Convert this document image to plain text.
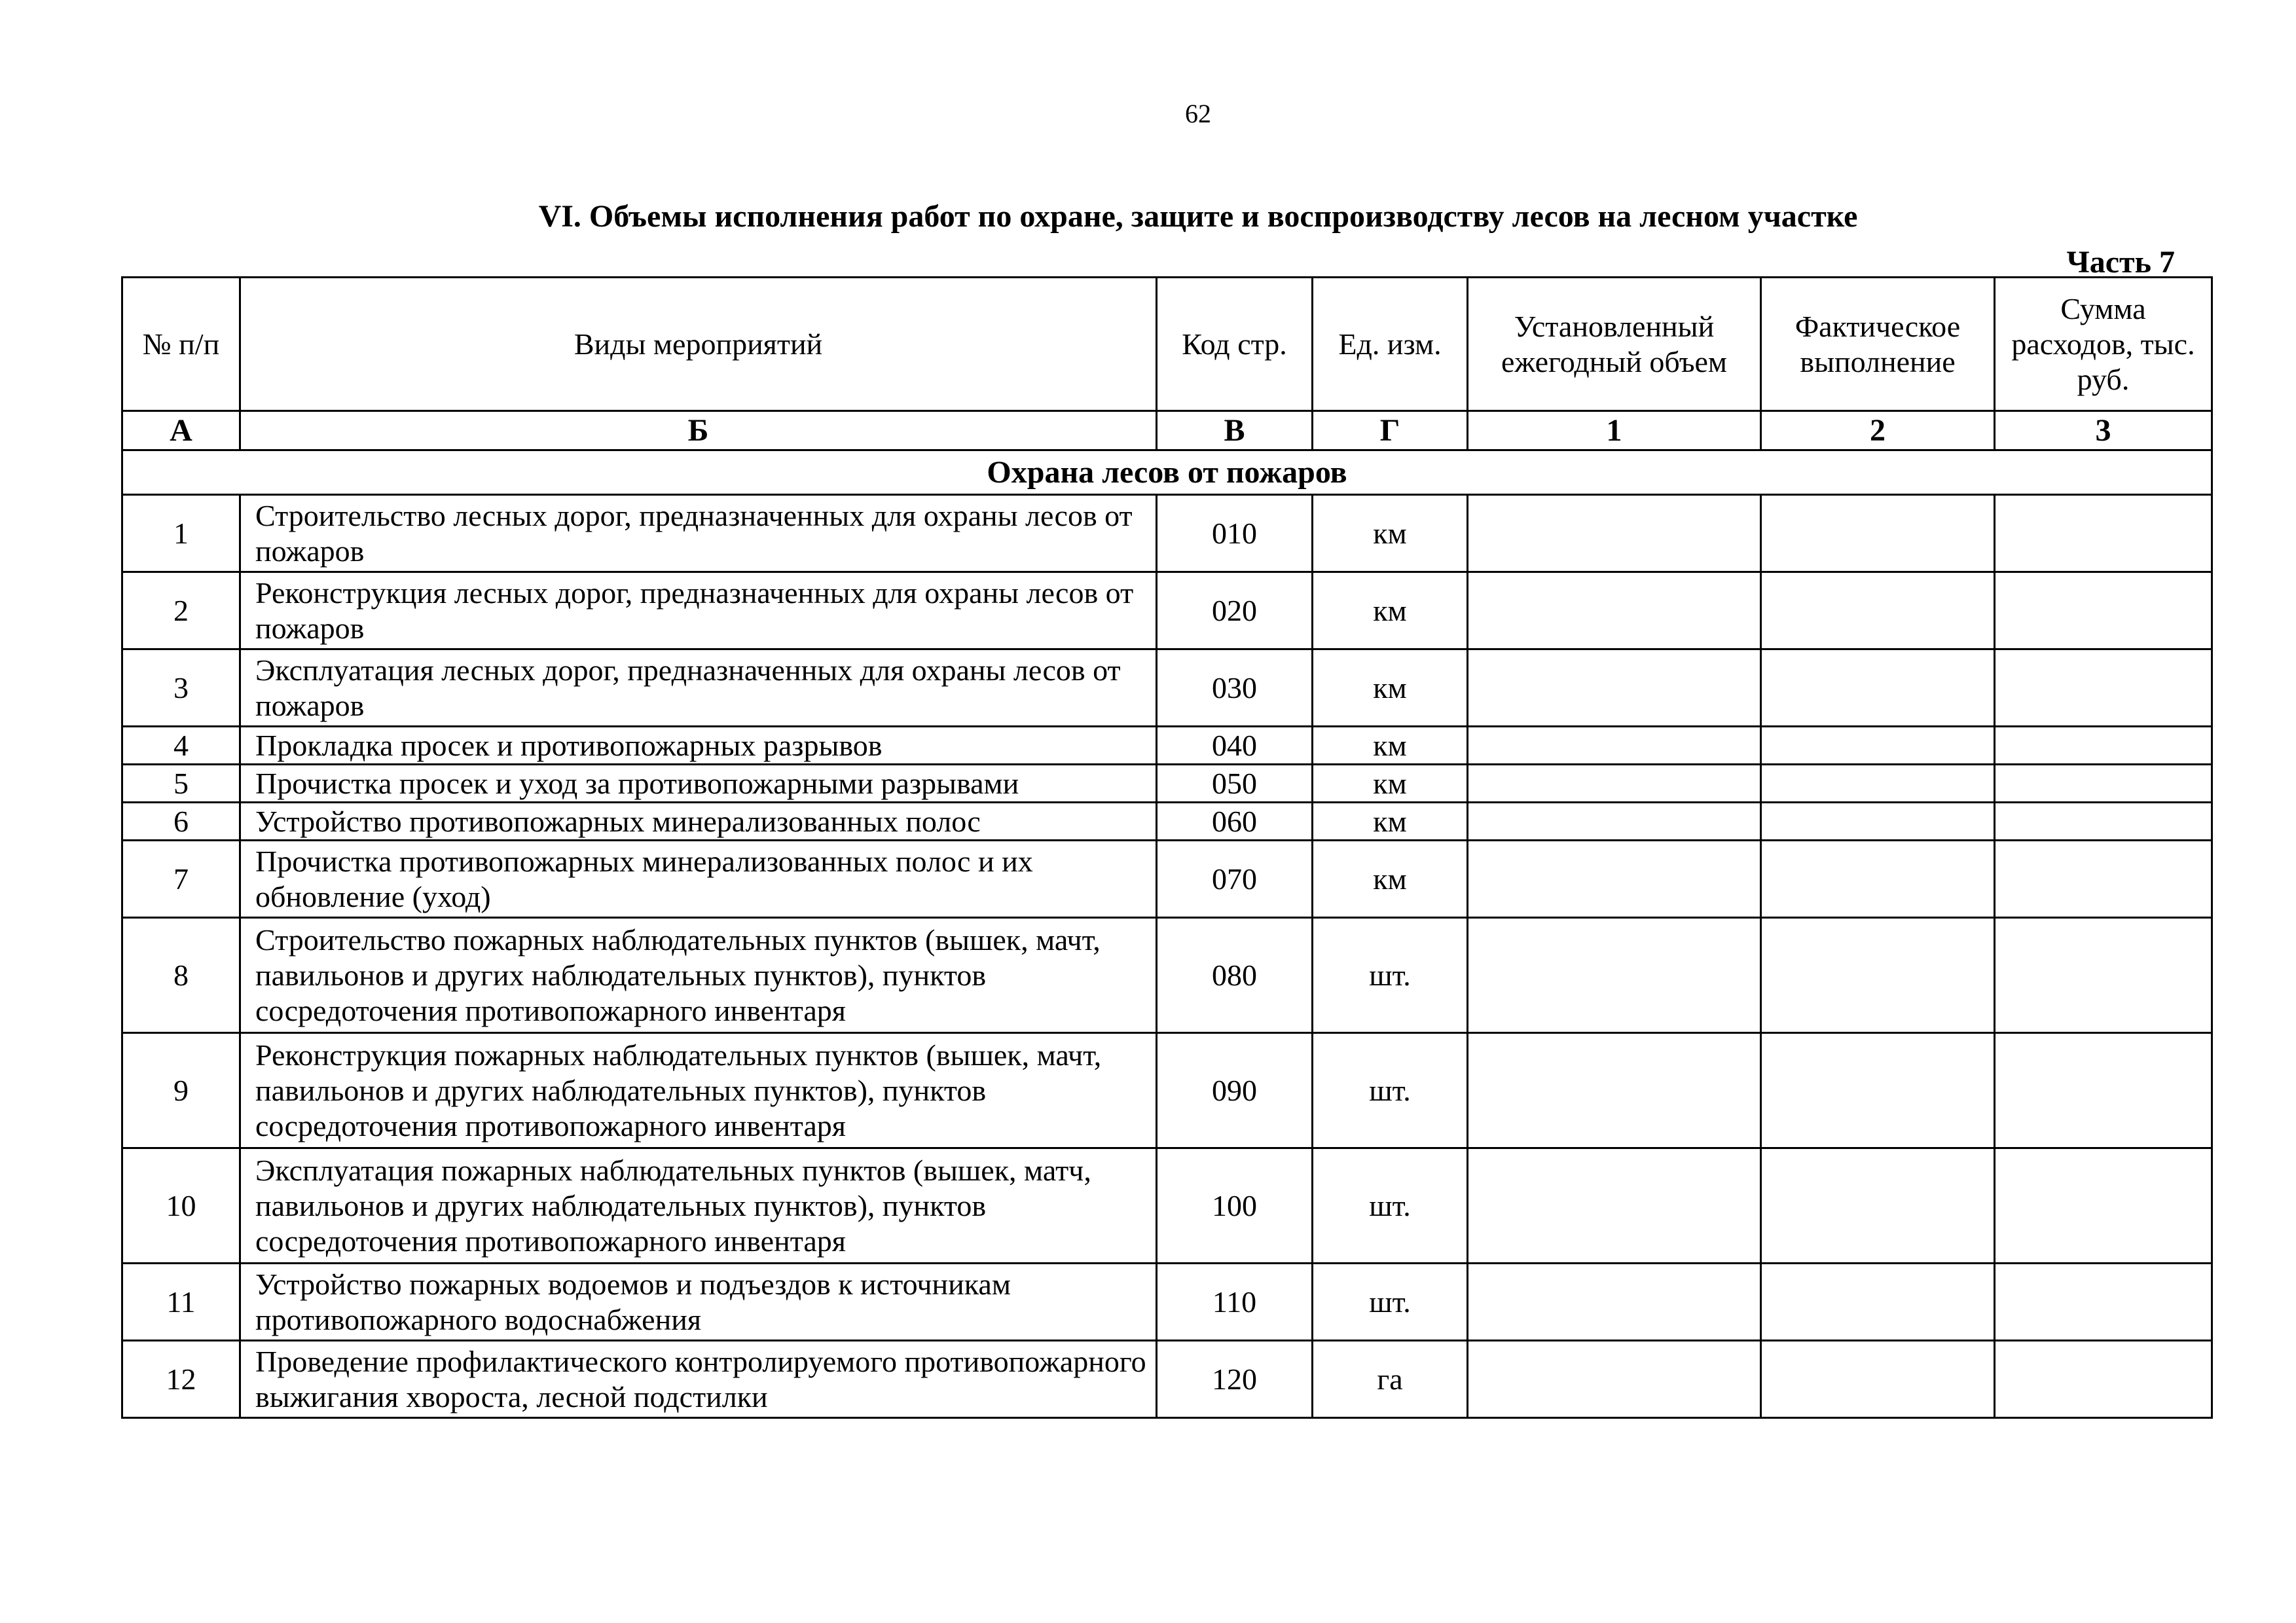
62
VI. Объемы исполнения работ по охране, защите и воспроизводству лесов на лесном участке
Часть 7
№ п/п	Виды мероприятий	Код стр.	Ед. изм.	Установленный ежегодный объем	Фактическое выполнение	Сумма расходов, тыс. руб.
А	Б	В	Г	1	2	3
Охрана лесов от пожаров						
1	Строительство лесных дорог, предназначенных для охраны лесов от пожаров	010	км			
2	Реконструкция лесных дорог, предназначенных для охраны лесов от пожаров	020	км			
3	Эксплуатация лесных дорог, предназначенных для охраны лесов от пожаров	030	км			
4	Прокладка просек и противопожарных разрывов	040	км			
5	Прочистка просек и уход за противопожарными разрывами	050	км			
6	Устройство противопожарных минерализованных полос	060	км			
7	Прочистка противопожарных минерализованных полос и их обновление (уход)	070	км			
8	Строительство пожарных наблюдательных пунктов (вышек, мачт, павильонов и других наблюдательных пунктов), пунктов сосредоточения противопожарного инвентаря	080	шт.			
9	Реконструкция пожарных наблюдательных пунктов (вышек, мачт, павильонов и других наблюдательных пунктов), пунктов сосредоточения противопожарного инвентаря	090	шт.			
10	Эксплуатация пожарных наблюдательных пунктов (вышек, матч, павильонов и других наблюдательных пунктов), пунктов сосредоточения противопожарного инвентаря	100	шт.			
11	Устройство пожарных водоемов и подъездов к источникам противопожарного водоснабжения	110	шт.			
12	Проведение профилактического контролируемого противопожарного выжигания хвороста, лесной подстилки	120	га			
